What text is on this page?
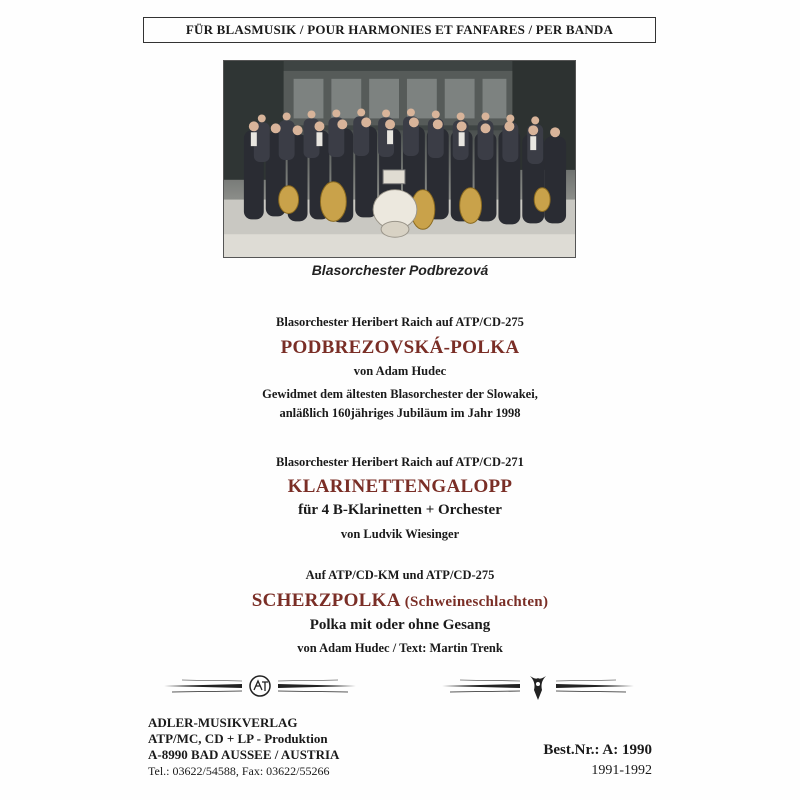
FÜR BLASMUSIK / POUR HARMONIES ET FANFARES / PER BANDA
Blasorchester Podbrezová
Blasorchester Heribert Raich auf ATP/CD-275
PODBREZOVSKÁ-POLKA
von Adam Hudec
Gewidmet dem ältesten Blasorchester der Slowakei,
anläßlich 160jähriges Jubiläum im Jahr 1998
Blasorchester Heribert Raich auf ATP/CD-271
KLARINETTENGALOPP
für 4 B-Klarinetten + Orchester
von Ludvik Wiesinger
Auf ATP/CD-KM und ATP/CD-275
SCHERZPOLKA (Schweineschlachten)
Polka mit oder ohne Gesang
von Adam Hudec / Text: Martin Trenk
ADLER-MUSIKVERLAG
ATP/MC, CD + LP - Produktion
A-8990 BAD AUSSEE / AUSTRIA
Tel.: 03622/54588, Fax: 03622/55266
Best.Nr.: A: 1990
1991-1992
